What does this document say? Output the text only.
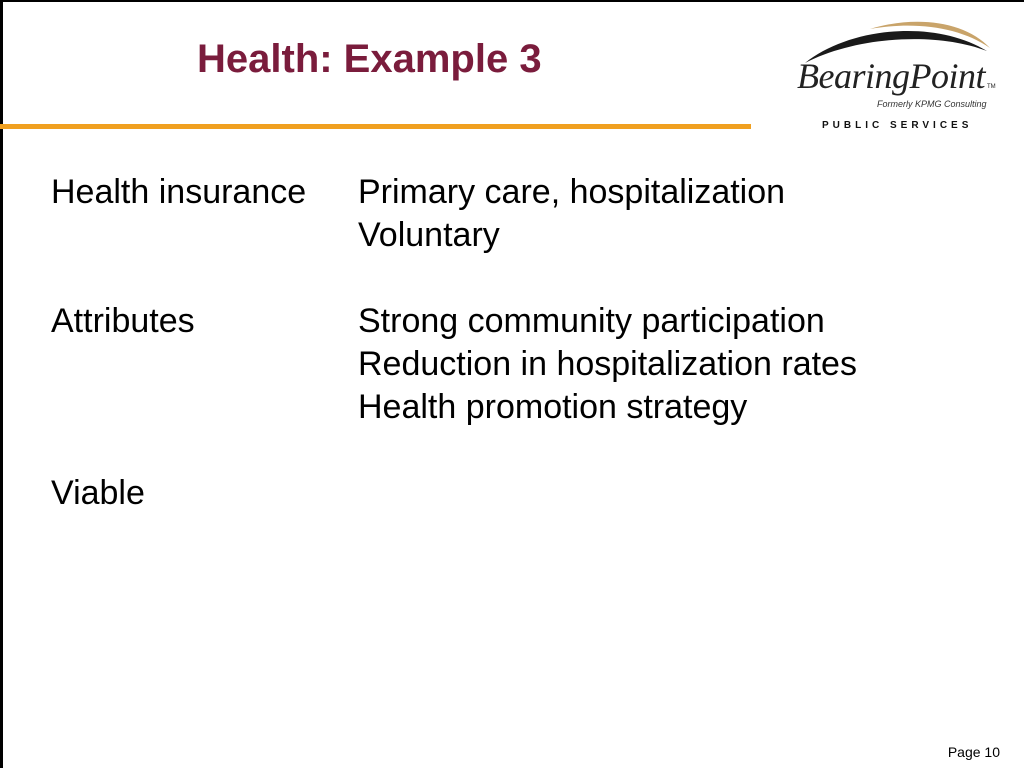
Health: Example 3	BearingPoint TM
Formerly KPMG Consulting
PUBLIC SERVICES
Health insurance	Primary care, hospitalization
Voluntary
Attributes	Strong community participation
Reduction in hospitalization rates
Health promotion strategy
Viable
Page 10
